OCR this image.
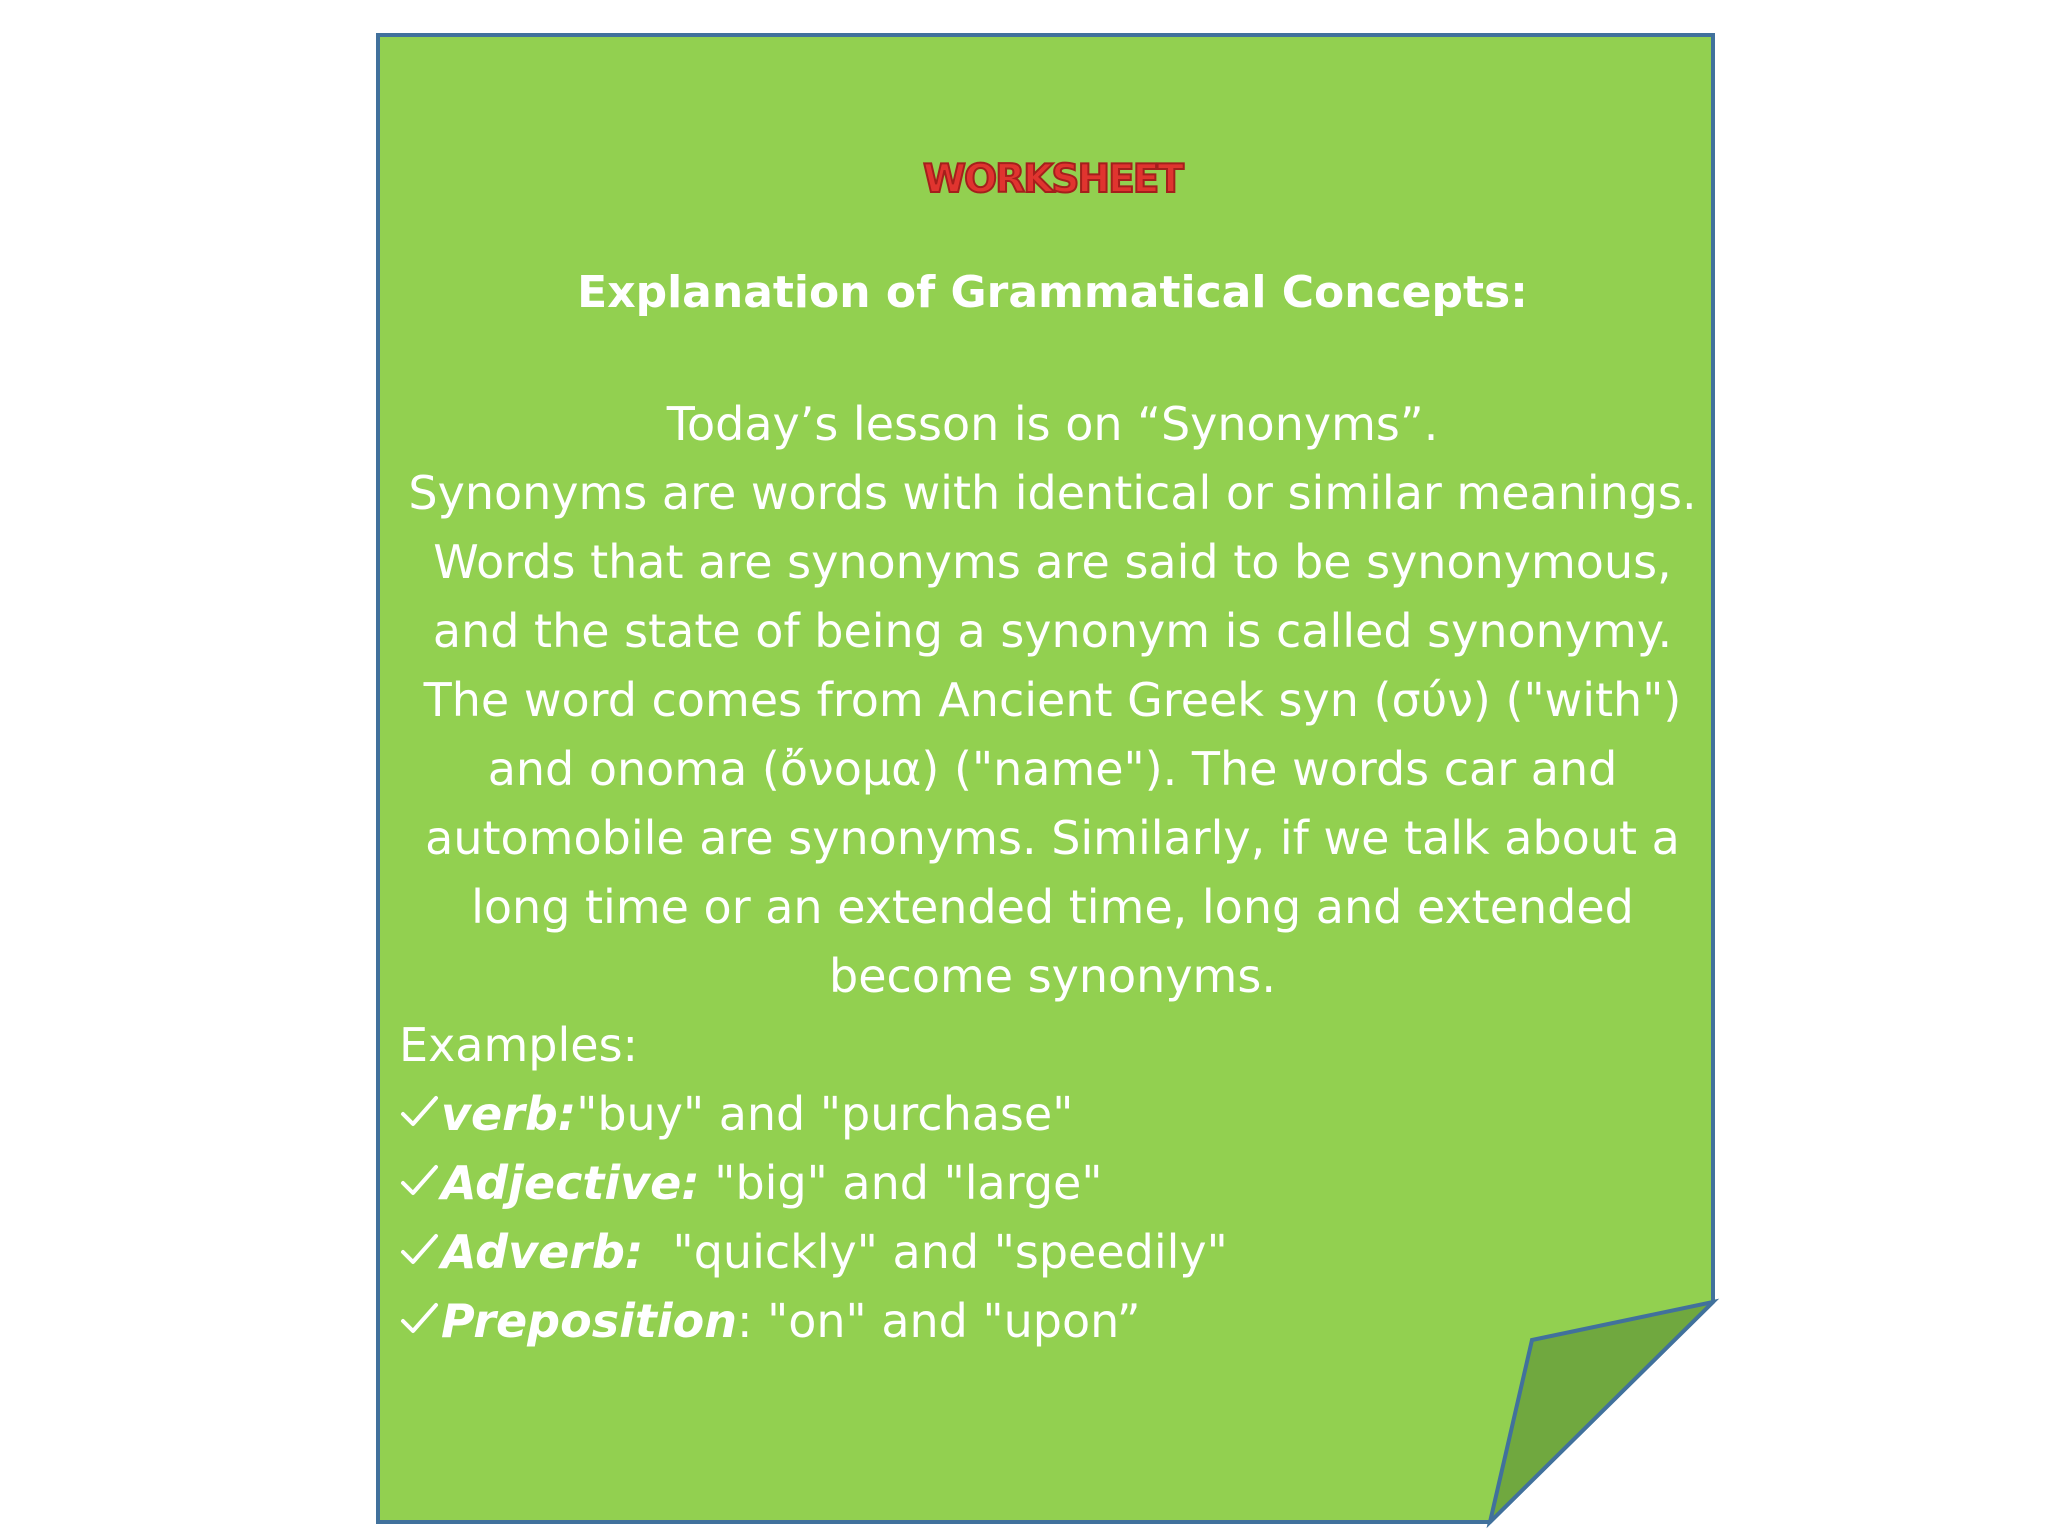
WORKSHEET
Explanation of Grammatical Concepts:
Today’s lesson is on “Synonyms”.
Synonyms are words with identical or similar meanings.
Words that are synonyms are said to be synonymous,
and the state of being a synonym is called synonymy.
The word comes from Ancient Greek syn (σύν) ("with")
and onoma (ὄνομα) ("name"). The words car and
automobile are synonyms. Similarly, if we talk about a
long time or an extended time, long and extended
become synonyms.
Examples:
verb:"buy" and "purchase"
Adjective: "big" and "large"
Adverb:  "quickly" and "speedily"
Preposition: "on" and "upon”
